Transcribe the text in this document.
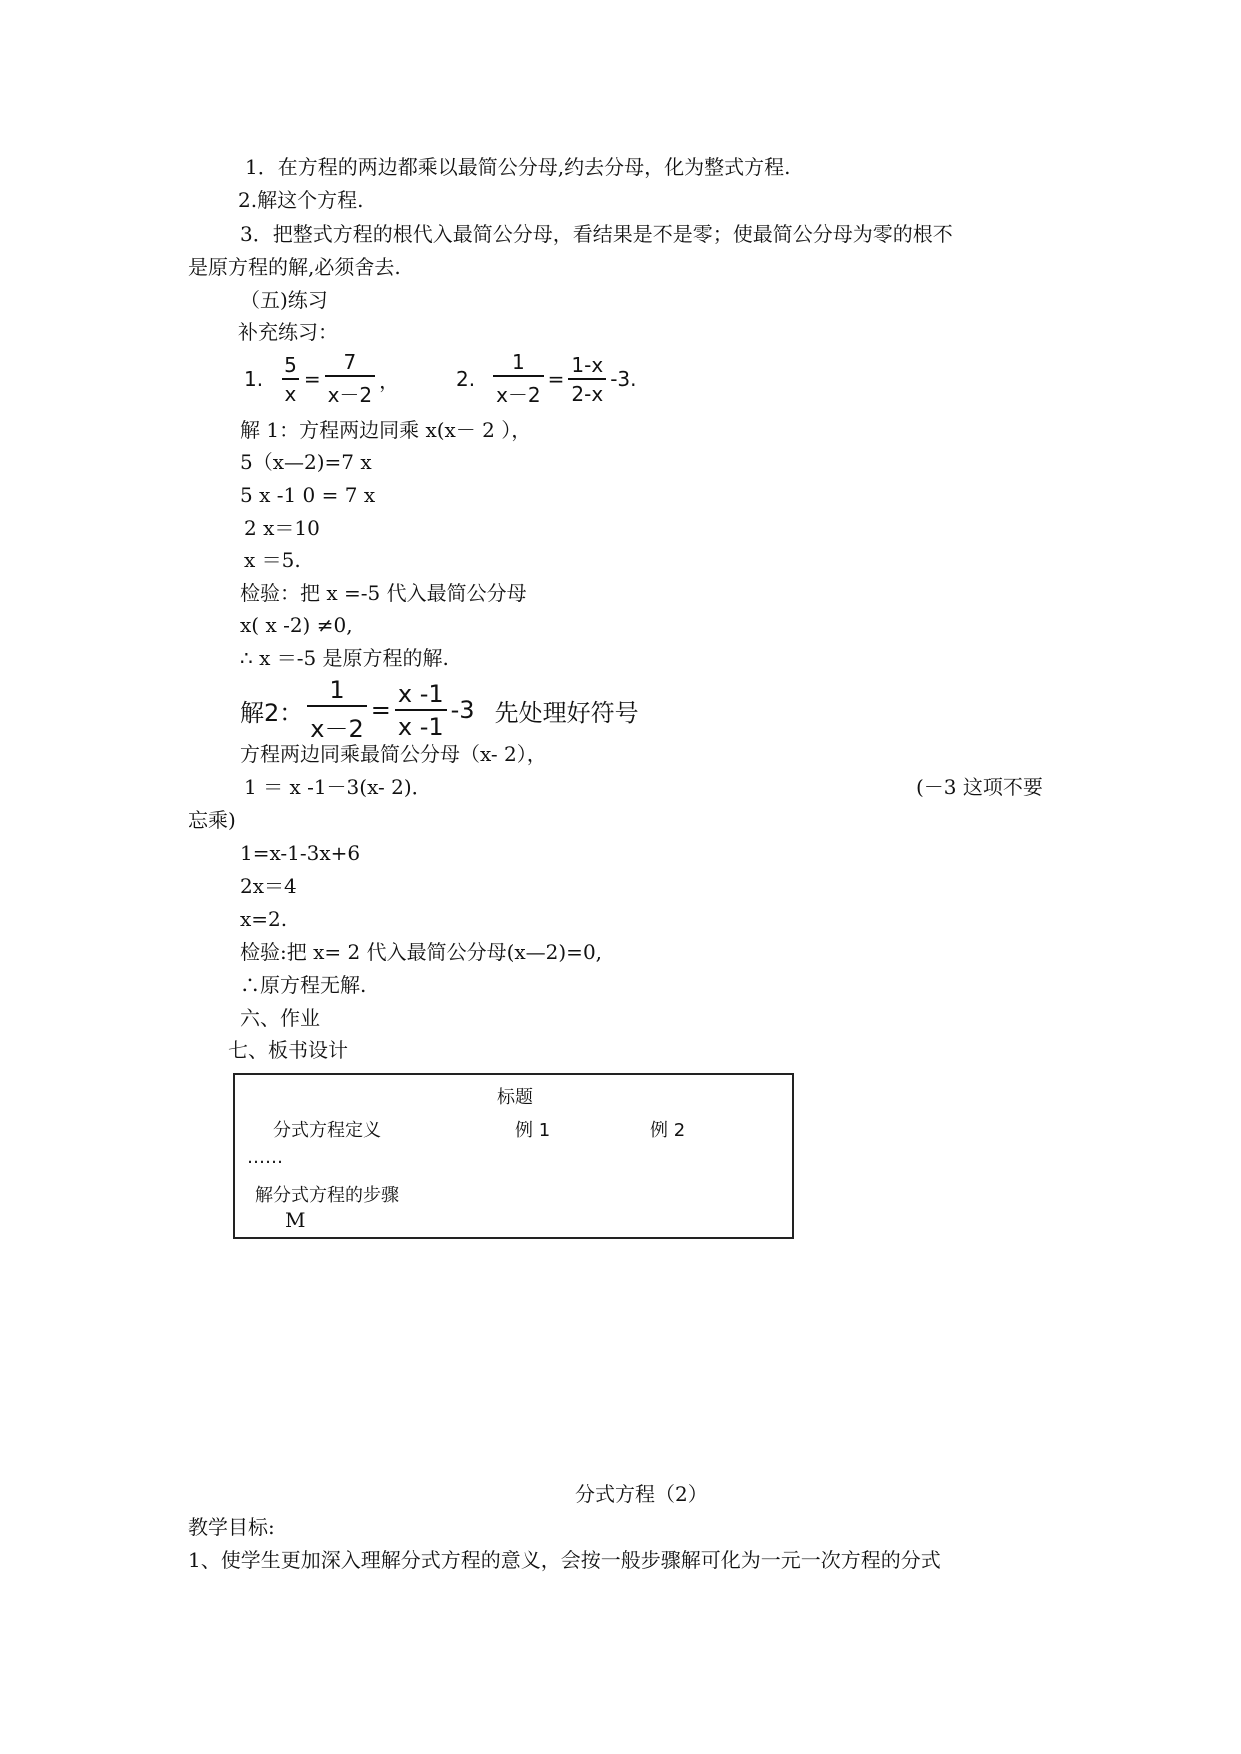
1．在方程的两边都乘以最简公分母,约去分母，化为整式方程.
2.解这个方程.
3．把整式方程的根代入最简公分母，看结果是不是零；使最简公分母为零的根不
是原方程的解,必须舍去.
（五)练习
补充练习：
1. $\frac{5}{x} = \frac{7}{x-2}$ ，	2. $\frac{1}{x-2} = \frac{1-x}{2-x} -3$.
解 1：方程两边同乘 x(x－ 2 ），
5（x—2)=7 x
5 x -1 0 = 7 x
2 x＝10
x ＝5.
检验：把 x =-5 代入最简公分母
x( x -2) ≠0,
∴ x ＝-5 是原方程的解.
解2： $\frac{1}{x-2} = \frac{x -1}{x -1} -3$ 先处理好符号
方程两边同乘最简公分母（x- 2），
1 ＝ x -1－3(x- 2)．	(－3 这项不要
忘乘)
1=x-1-3x+6
2x＝4
x=2.
检验:把 x= 2 代入最简公分母(x—2)=0,
∴原方程无解.
六、作业
七、板书设计
标题
分式方程定义	例 1	例 2
……
解分式方程的步骤
M
分式方程（2）
教学目标:
1、使学生更加深入理解分式方程的意义，会按一般步骤解可化为一元一次方程的分式
